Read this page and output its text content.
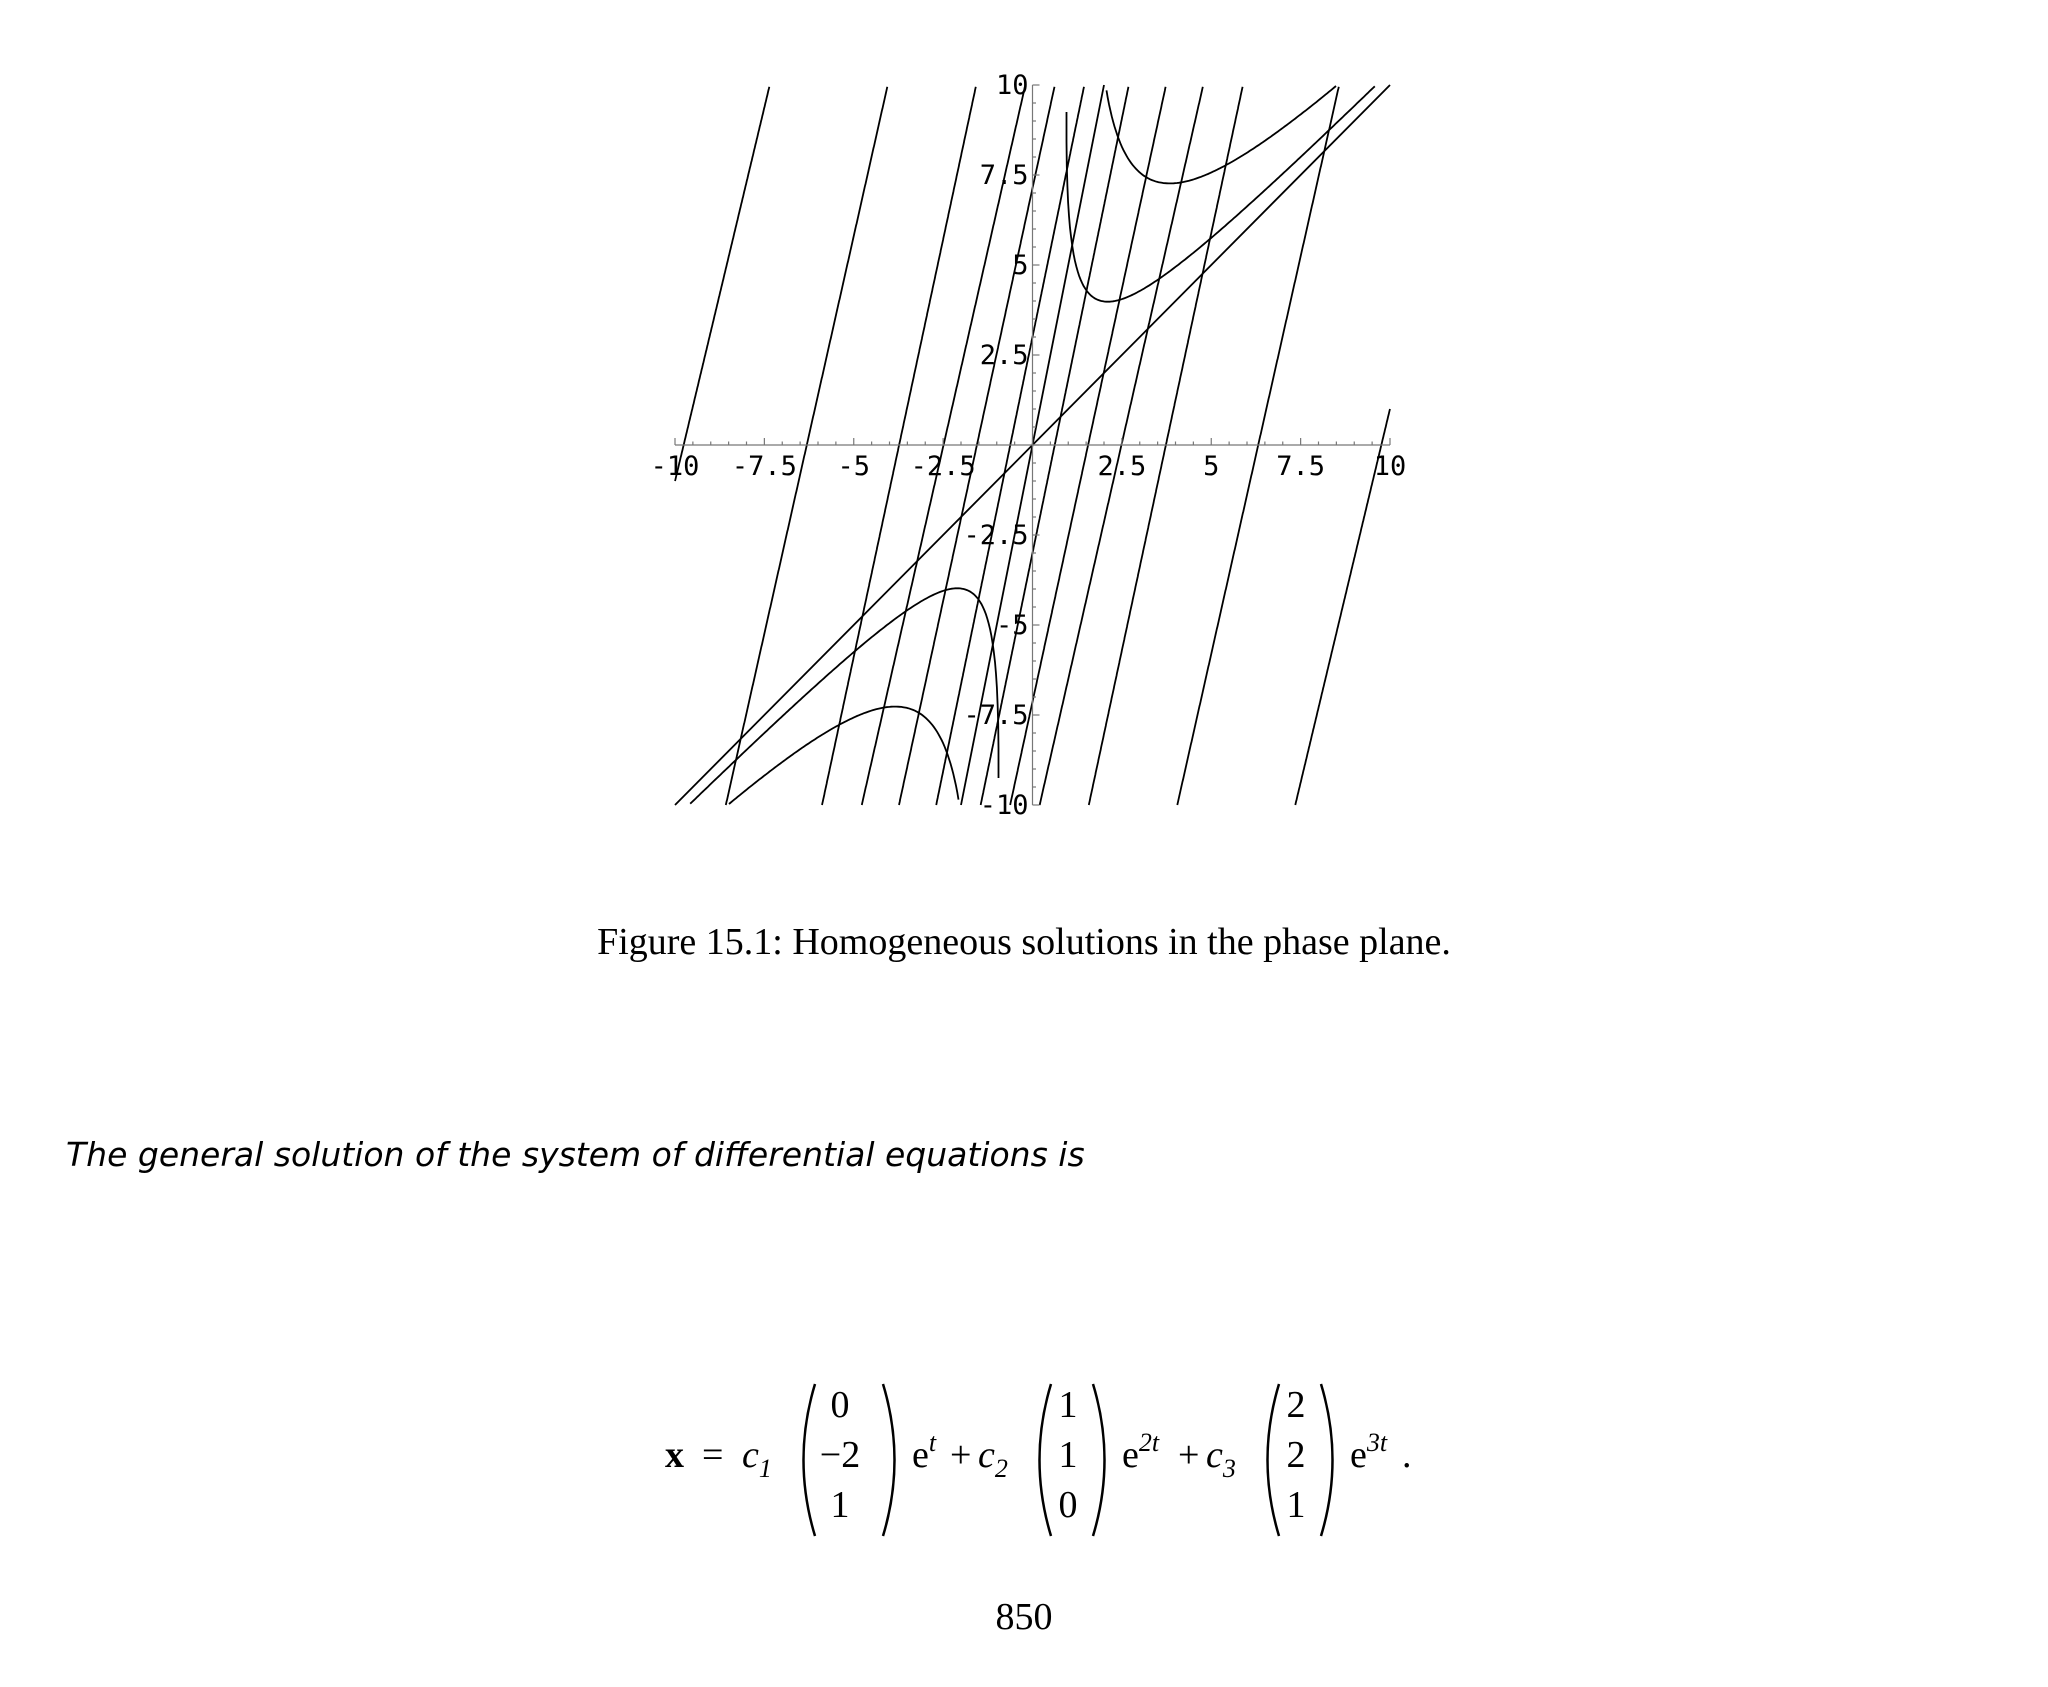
-10 -7.5 -5 -2.5	2.5 5 7.5 10
10
7.5
5
2.5
-2.5
-5
-7.5
-10
Figure 15.1: Homogeneous solutions in the phase plane.
The general solution of the system of differential equations is
$x = c_1$
0
−2
1
$e^t + c_2$
1
1
0
$e^{2t} + c_3$
2
2
1
$e^{3t}$ .
850
